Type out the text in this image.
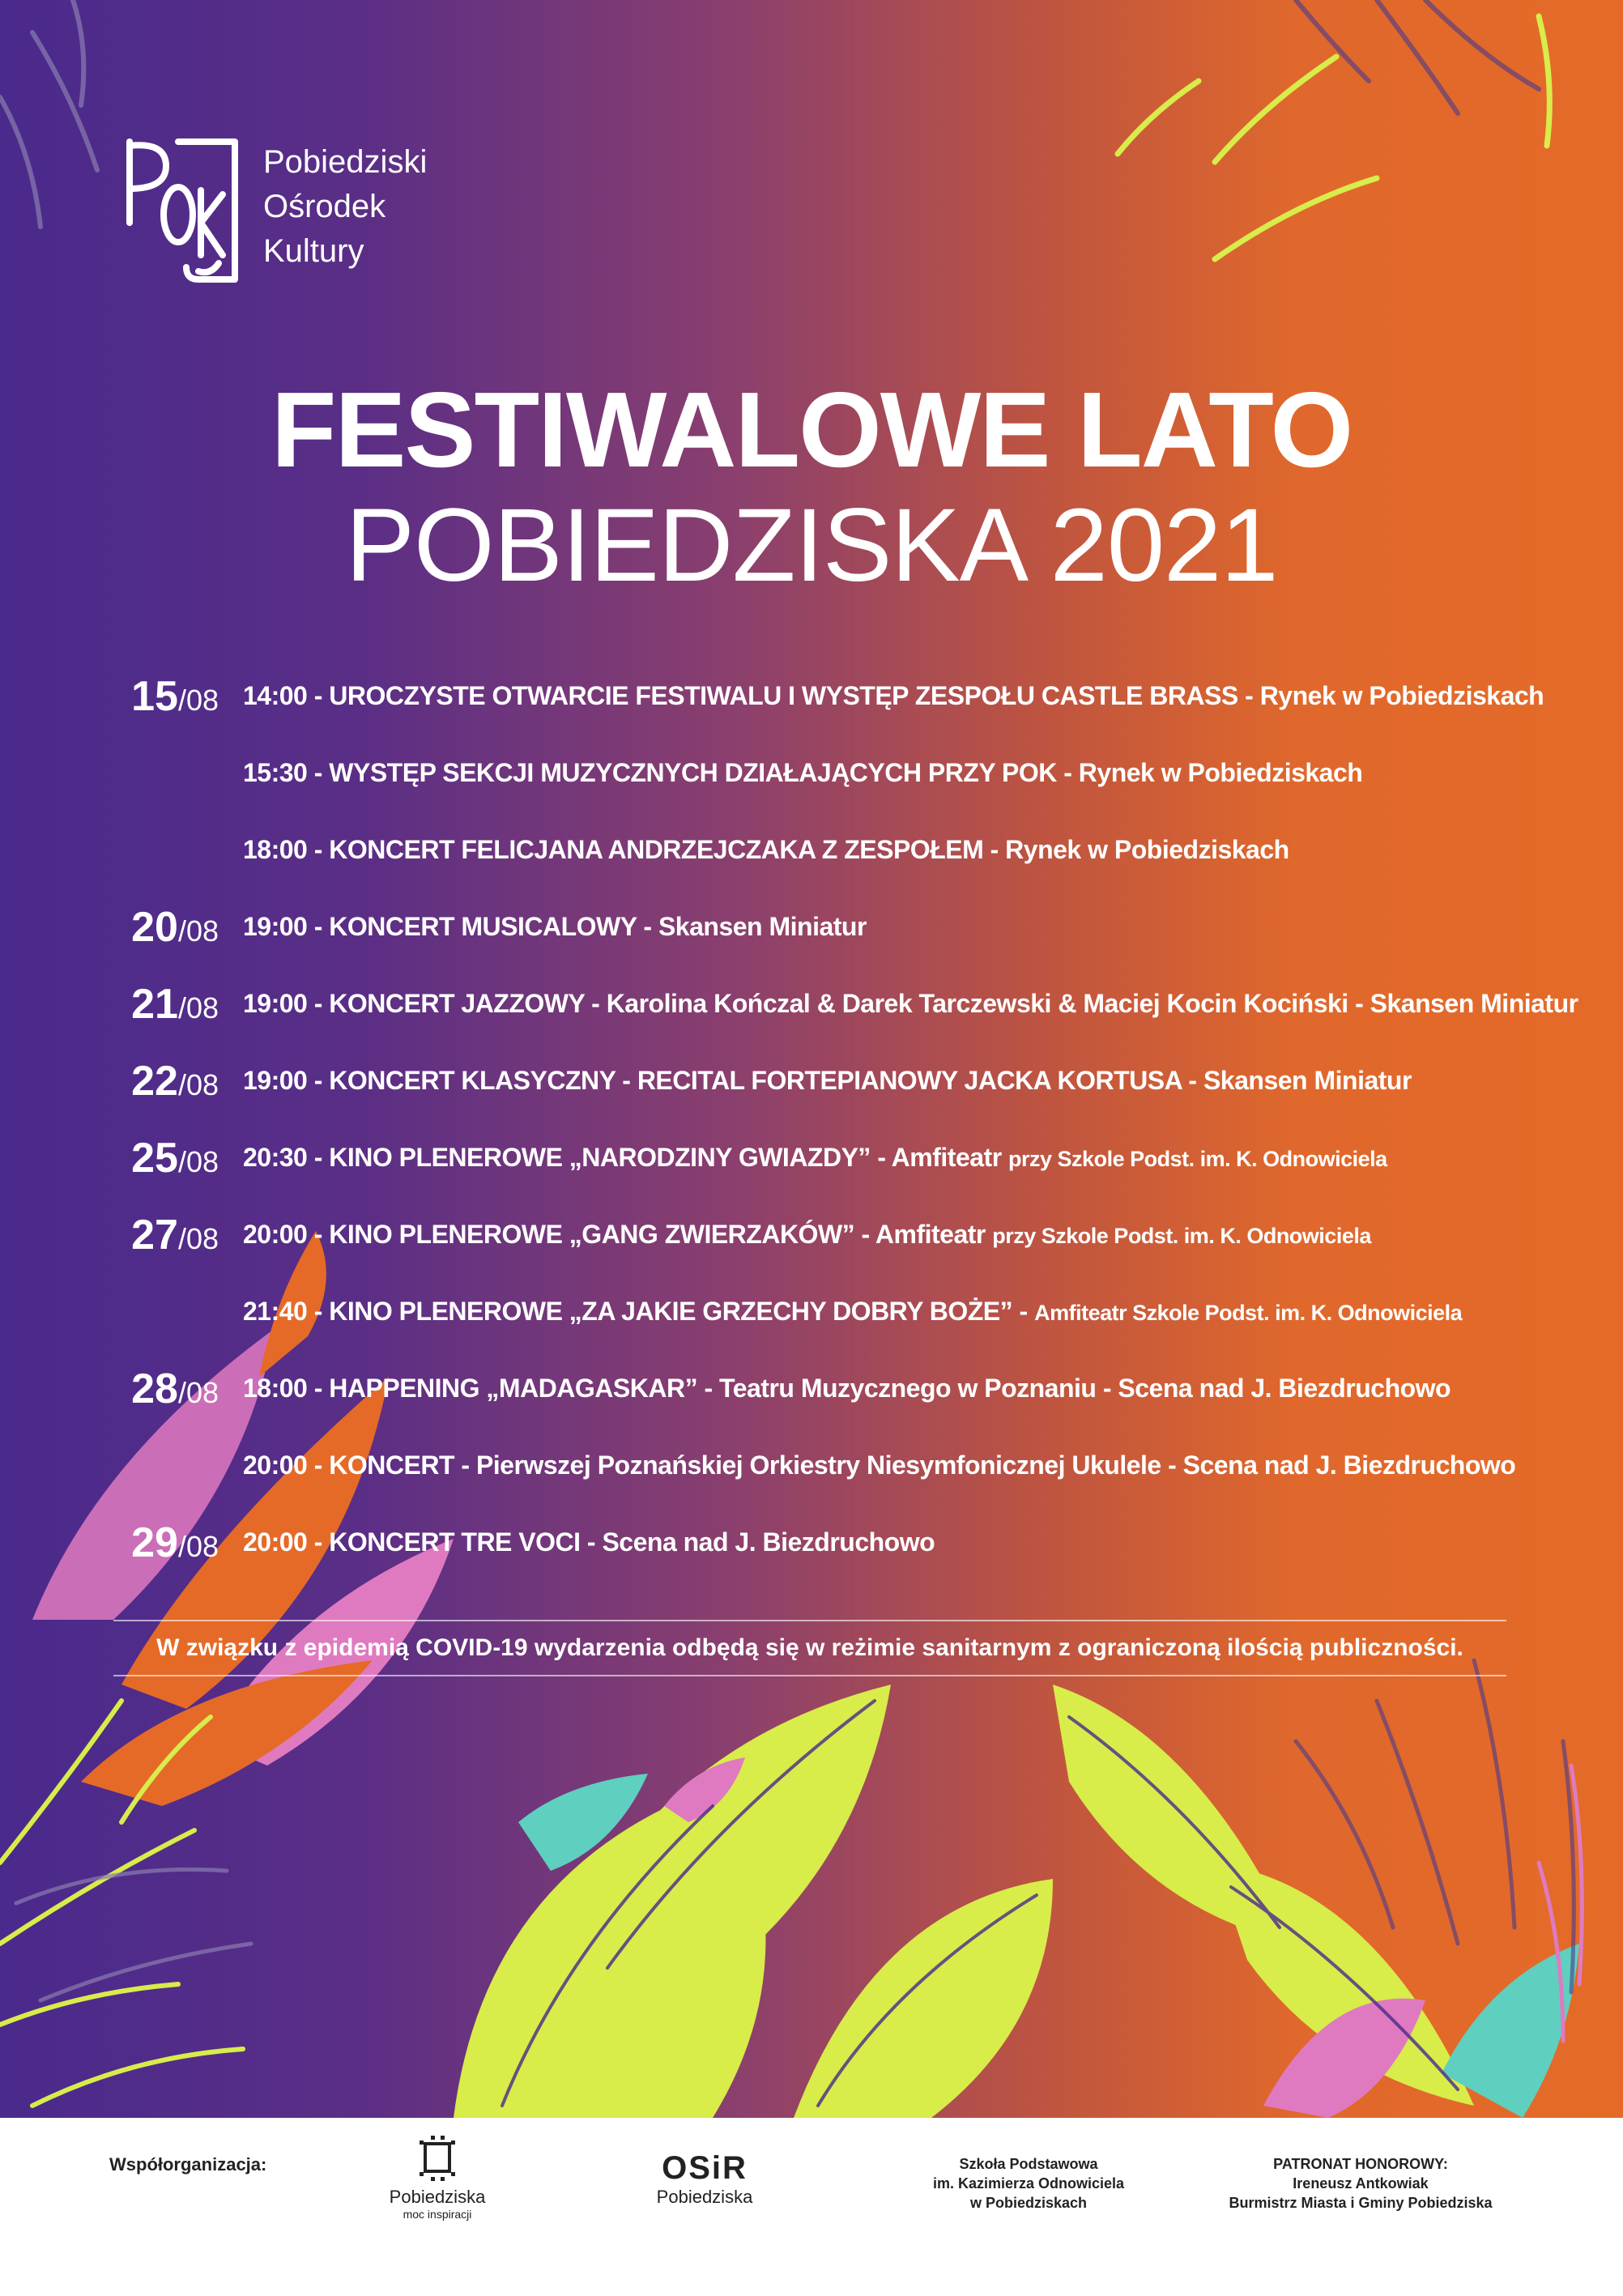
Pobiedziski
Ośrodek
Kultury
FESTIWALOWE LATO
POBIEDZISKA 2021
15/08 14:00 - UROCZYSTE OTWARCIE FESTIWALU I WYSTĘP ZESPOŁU CASTLE BRASS - Rynek w Pobiedziskach
15:30 - WYSTĘP SEKCJI MUZYCZNYCH DZIAŁAJĄCYCH PRZY POK - Rynek w Pobiedziskach
18:00 - KONCERT FELICJANA ANDRZEJCZAKA Z ZESPOŁEM - Rynek w Pobiedziskach
20/08 19:00 - KONCERT MUSICALOWY - Skansen Miniatur
21/08 19:00 - KONCERT JAZZOWY - Karolina Kończal & Darek Tarczewski & Maciej Kocin Kociński - Skansen Miniatur
22/08 19:00 - KONCERT KLASYCZNY - RECITAL FORTEPIANOWY JACKA KORTUSA - Skansen Miniatur
25/08 20:30 - KINO PLENEROWE „NARODZINY GWIAZDY” - Amfiteatr przy Szkole Podst. im. K. Odnowiciela
27/08 20:00 - KINO PLENEROWE „GANG ZWIERZAKÓW” - Amfiteatr przy Szkole Podst. im. K. Odnowiciela
21:40 - KINO PLENEROWE „ZA JAKIE GRZECHY DOBRY BOŻE” - Amfiteatr Szkole Podst. im. K. Odnowiciela
28/08 18:00 - HAPPENING „MADAGASKAR” - Teatru Muzycznego w Poznaniu - Scena nad J. Biezdruchowo
20:00 - KONCERT - Pierwszej Poznańskiej Orkiestry Niesymfonicznej Ukulele - Scena nad J. Biezdruchowo
29/08 20:00 - KONCERT TRE VOCI - Scena nad J. Biezdruchowo
W związku z epidemią COVID-19 wydarzenia odbędą się w reżimie sanitarnym z ograniczoną ilością publiczności.
Współorganizacja:
Pobiedziska
moc inspiracji
OSiR
Pobiedziska
Szkoła Podstawowa
im. Kazimierza Odnowiciela
w Pobiedziskach
PATRONAT HONOROWY:
Ireneusz Antkowiak
Burmistrz Miasta i Gminy Pobiedziska
